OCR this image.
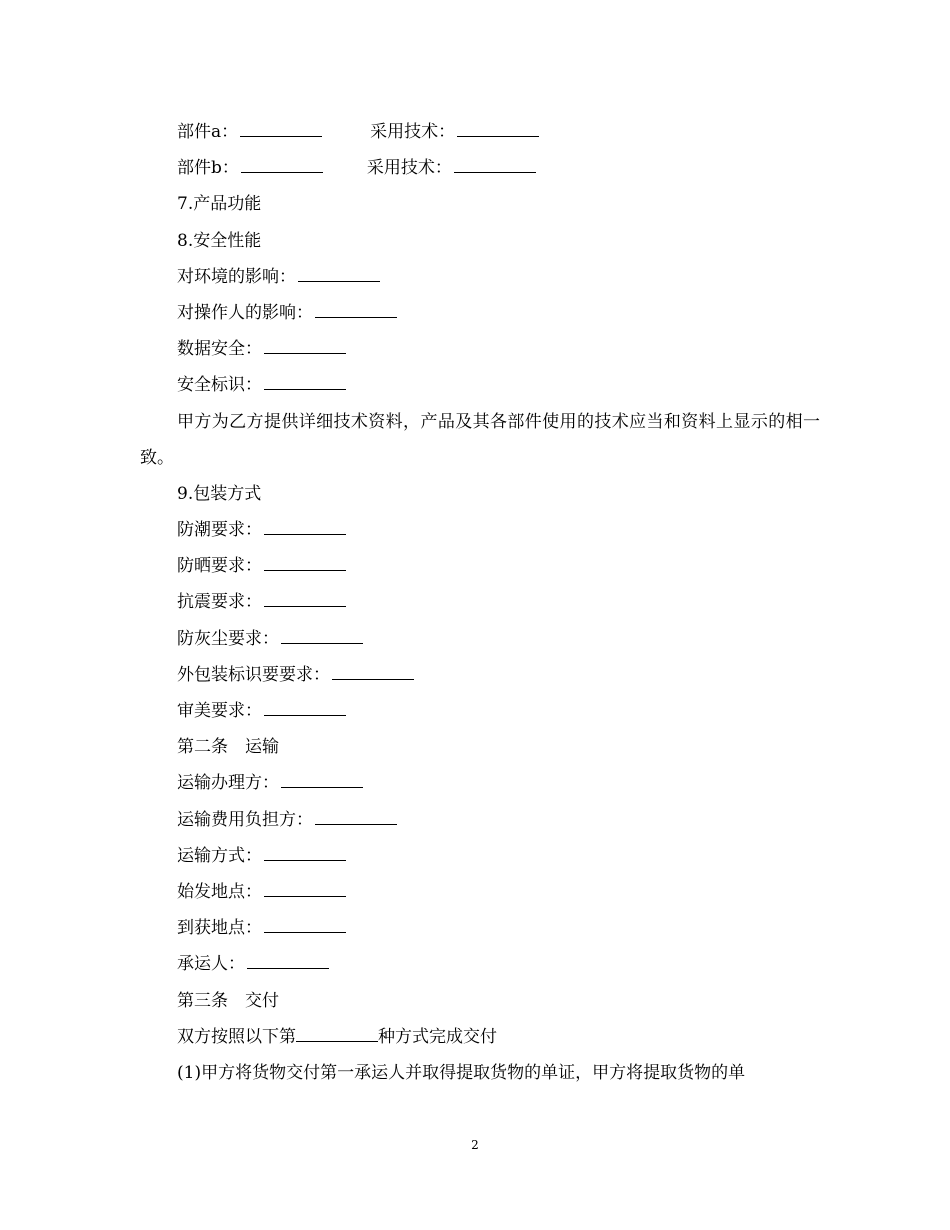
部件a：	采用技术：
部件b：	采用技术：
7.产品功能
8.安全性能
对环境的影响：
对操作人的影响：
数据安全：
安全标识：
甲方为乙方提供详细技术资料，产品及其各部件使用的技术应当和资料上显示的相一致。
9.包装方式
防潮要求：
防晒要求：
抗震要求：
防灰尘要求：
外包装标识要要求：
审美要求：
第二条　运输
运输办理方：
运输费用负担方：
运输方式：
始发地点：
到获地点：
承运人：
第三条　交付
双方按照以下第	种方式完成交付
(1)甲方将货物交付第一承运人并取得提取货物的单证，甲方将提取货物的单
2
